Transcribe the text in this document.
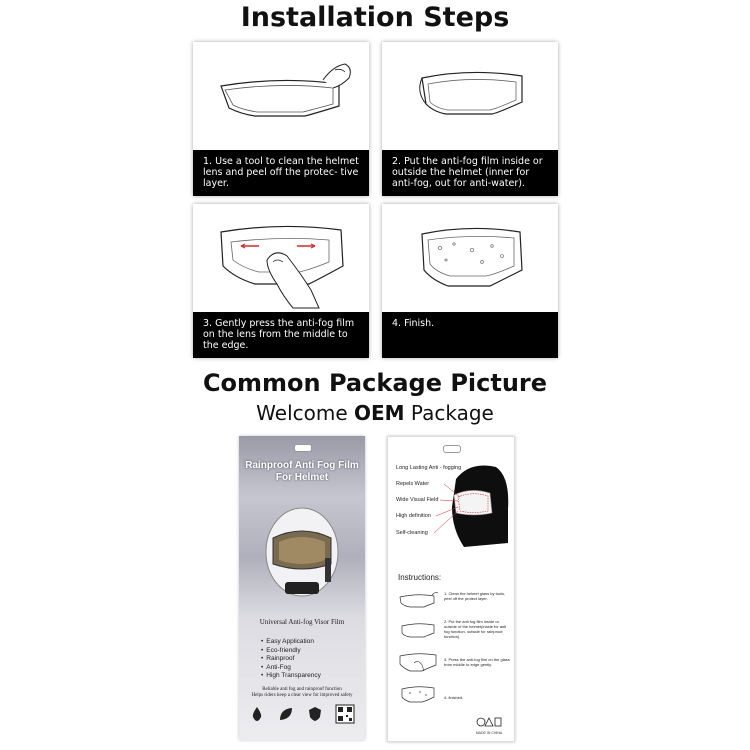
Installation Steps
1. Use a tool to clean the helmet lens and peel off the protec- tive layer.
2. Put the anti-fog film inside or outside the helmet (inner for anti-fog, out for anti-water).
3. Gently press the anti-fog film on the lens from the middle to the edge.
4. Finish.
Common Package Picture
Welcome OEM Package
Rainproof Anti Fog Film
For Helmet
Universal Anti-fog Visor Film
• Easy Application
• Eco-friendly
• Rainproof
• Anti-Fog
• High Transparency
Reliable anti fog and rainproof function
Helps riders keep a clear view for improved safety
Long Lasting Anti - fogging
Repels Water
Wide Visual Field
High definition
Self-cleaning
Instructions:
1. Clean the helmet glass by tools, peel off the protect layer.
2. Put the anti fog film inside or outside of the helmet(inside for anti fog function, outside for rainproof function)
3. Press the anti-fog film on the glass from middle to edge gently.
4. finished.
MADE IN CHINA
